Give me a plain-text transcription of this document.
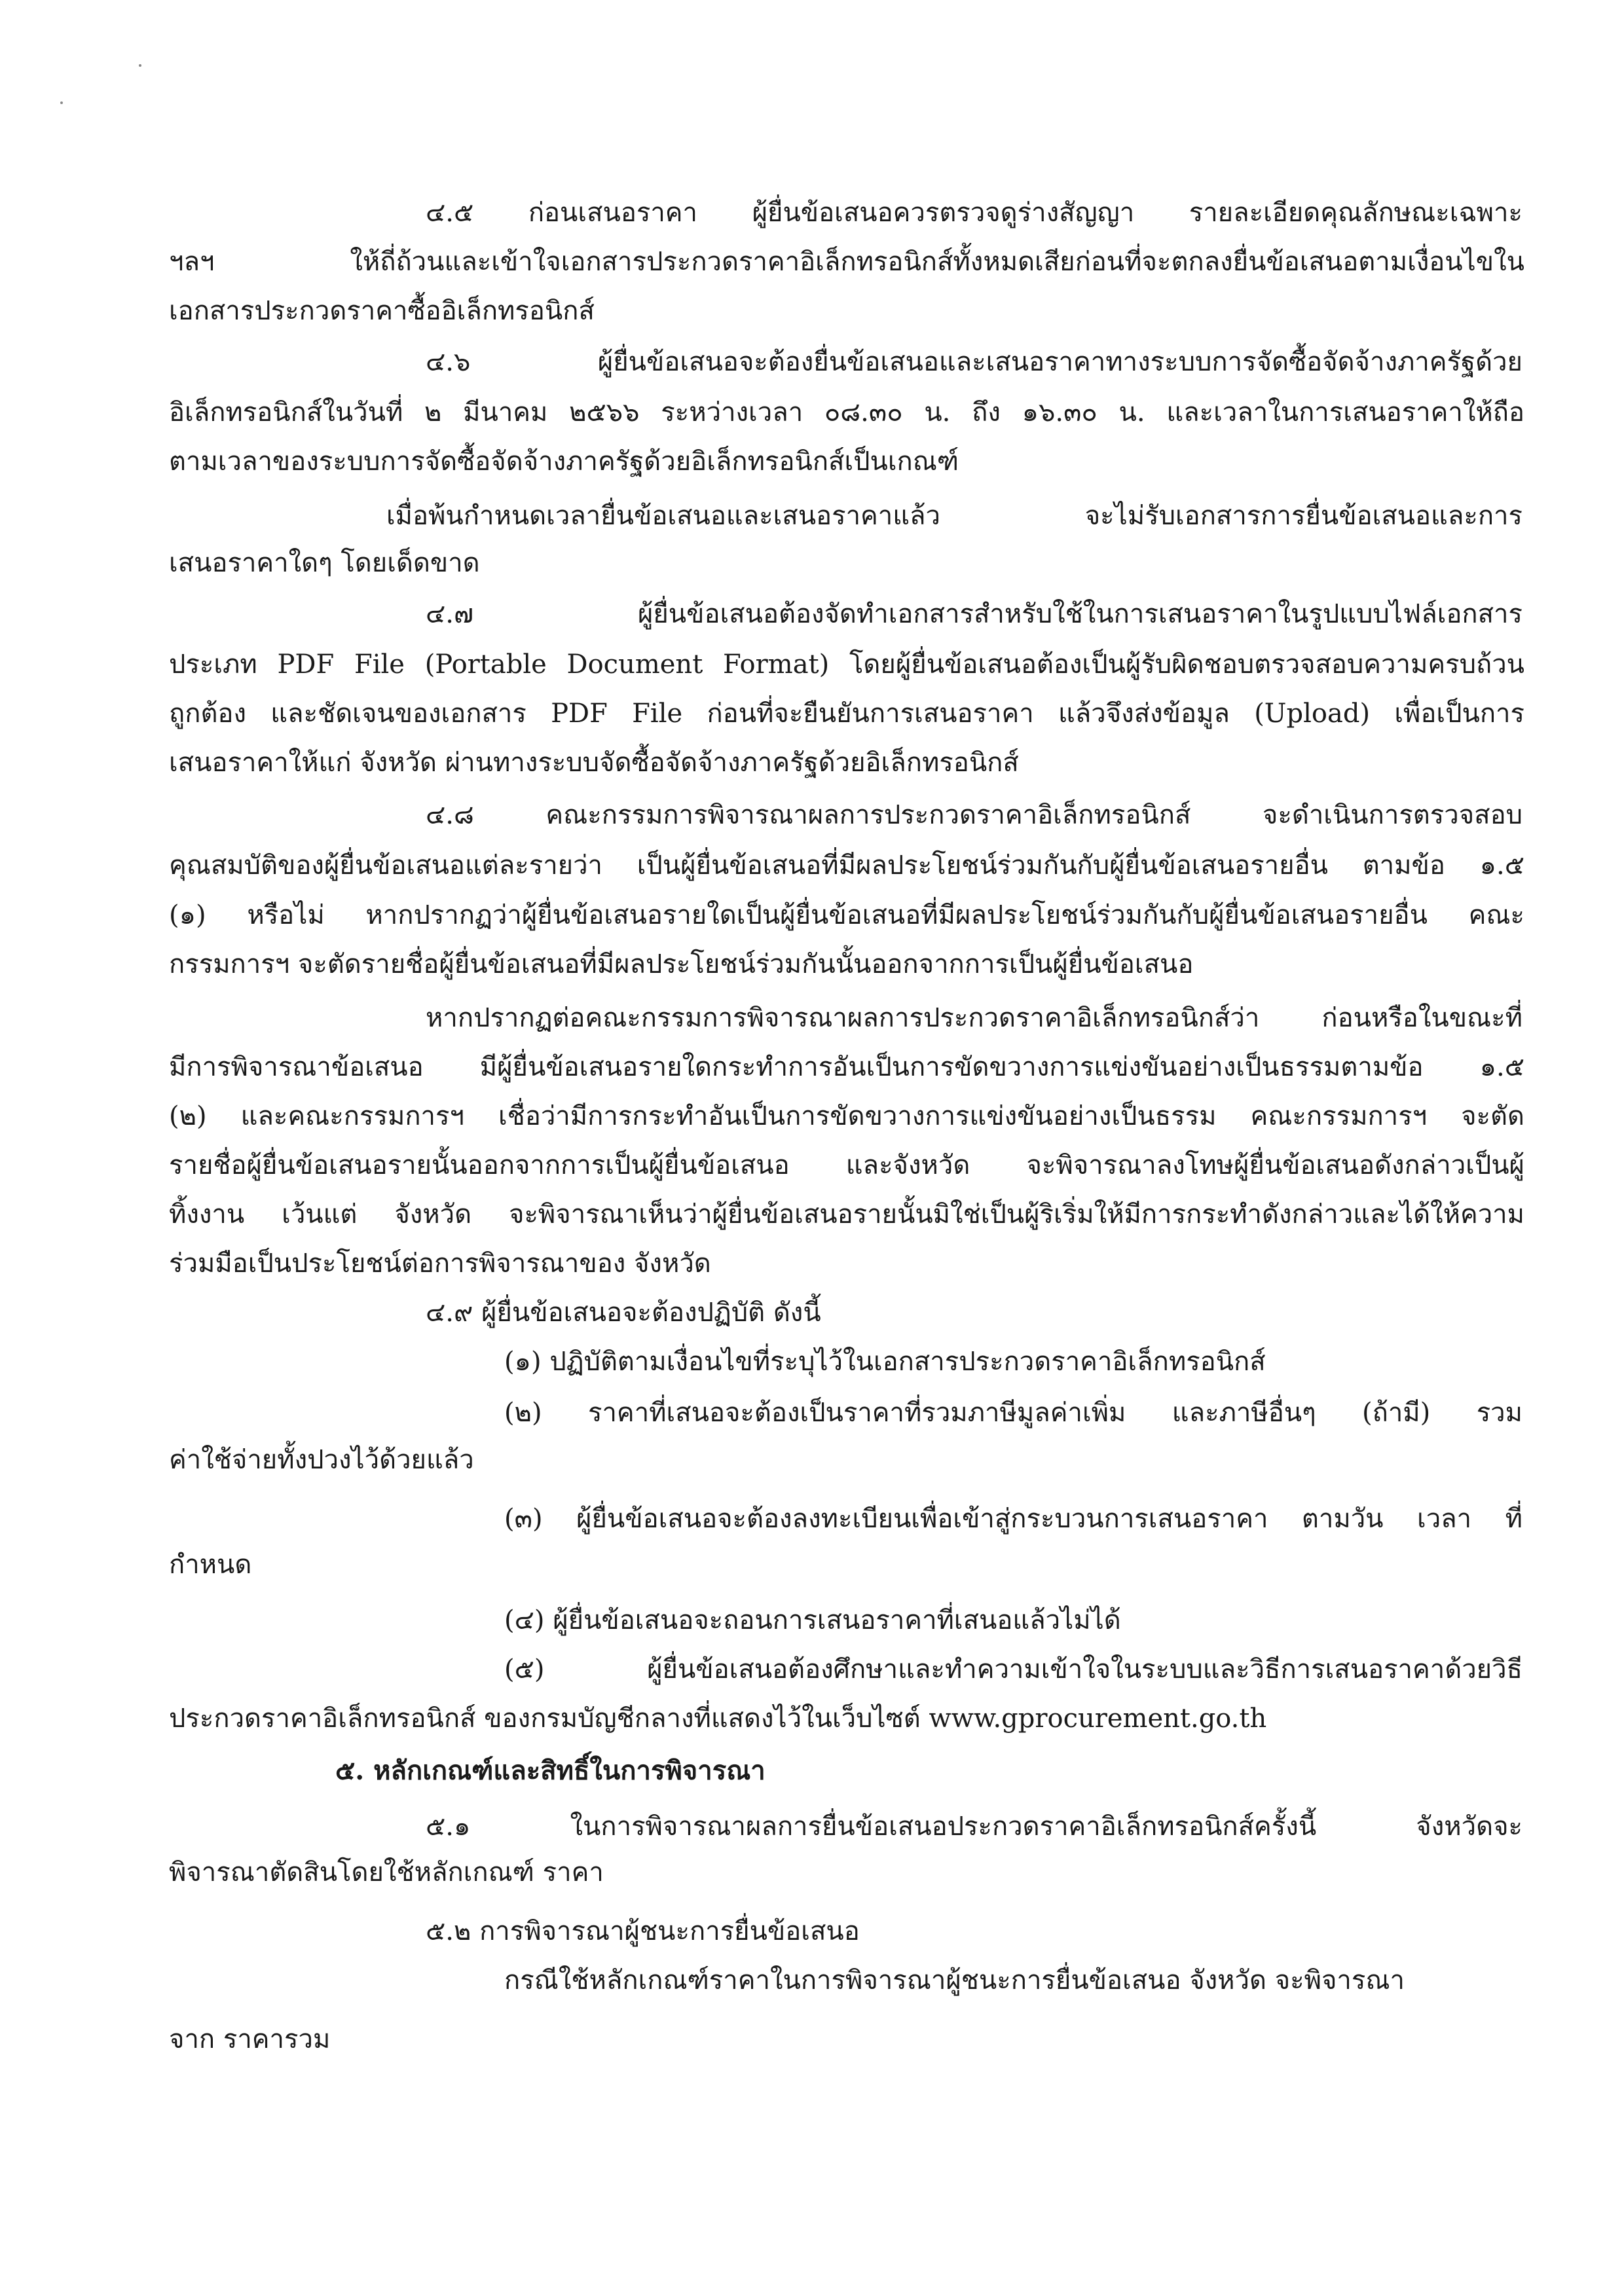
๔.๕ ก่อนเสนอราคา ผู้ยื่นข้อเสนอควรตรวจดูร่างสัญญา รายละเอียดคุณลักษณะเฉพาะ
ฯลฯ ให้ถี่ถ้วนและเข้าใจเอกสารประกวดราคาอิเล็กทรอนิกส์ทั้งหมดเสียก่อนที่จะตกลงยื่นข้อเสนอตามเงื่อนไขใน
เอกสารประกวดราคาซื้ออิเล็กทรอนิกส์
๔.๖ ผู้ยื่นข้อเสนอจะต้องยื่นข้อเสนอและเสนอราคาทางระบบการจัดซื้อจัดจ้างภาครัฐด้วย
อิเล็กทรอนิกส์ในวันที่ ๒ มีนาคม ๒๕๖๖ ระหว่างเวลา ๐๘.๓๐ น. ถึง ๑๖.๓๐ น. และเวลาในการเสนอราคาให้ถือ
ตามเวลาของระบบการจัดซื้อจัดจ้างภาครัฐด้วยอิเล็กทรอนิกส์เป็นเกณฑ์
เมื่อพ้นกำหนดเวลายื่นข้อเสนอและเสนอราคาแล้ว จะไม่รับเอกสารการยื่นข้อเสนอและการ
เสนอราคาใดๆ โดยเด็ดขาด
๔.๗ ผู้ยื่นข้อเสนอต้องจัดทำเอกสารสำหรับใช้ในการเสนอราคาในรูปแบบไฟล์เอกสาร
ประเภท PDF File (Portable Document Format) โดยผู้ยื่นข้อเสนอต้องเป็นผู้รับผิดชอบตรวจสอบความครบถ้วน
ถูกต้อง และชัดเจนของเอกสาร PDF File ก่อนที่จะยืนยันการเสนอราคา แล้วจึงส่งข้อมูล (Upload) เพื่อเป็นการ
เสนอราคาให้แก่ จังหวัด ผ่านทางระบบจัดซื้อจัดจ้างภาครัฐด้วยอิเล็กทรอนิกส์
๔.๘ คณะกรรมการพิจารณาผลการประกวดราคาอิเล็กทรอนิกส์ จะดำเนินการตรวจสอบ
คุณสมบัติของผู้ยื่นข้อเสนอแต่ละรายว่า เป็นผู้ยื่นข้อเสนอที่มีผลประโยชน์ร่วมกันกับผู้ยื่นข้อเสนอรายอื่น ตามข้อ ๑.๕
(๑) หรือไม่ หากปรากฏว่าผู้ยื่นข้อเสนอรายใดเป็นผู้ยื่นข้อเสนอที่มีผลประโยชน์ร่วมกันกับผู้ยื่นข้อเสนอรายอื่น คณะ
กรรมการฯ จะตัดรายชื่อผู้ยื่นข้อเสนอที่มีผลประโยชน์ร่วมกันนั้นออกจากการเป็นผู้ยื่นข้อเสนอ
หากปรากฏต่อคณะกรรมการพิจารณาผลการประกวดราคาอิเล็กทรอนิกส์ว่า ก่อนหรือในขณะที่
มีการพิจารณาข้อเสนอ มีผู้ยื่นข้อเสนอรายใดกระทำการอันเป็นการขัดขวางการแข่งขันอย่างเป็นธรรมตามข้อ ๑.๕
(๒) และคณะกรรมการฯ เชื่อว่ามีการกระทำอันเป็นการขัดขวางการแข่งขันอย่างเป็นธรรม คณะกรรมการฯ จะตัด
รายชื่อผู้ยื่นข้อเสนอรายนั้นออกจากการเป็นผู้ยื่นข้อเสนอ และจังหวัด จะพิจารณาลงโทษผู้ยื่นข้อเสนอดังกล่าวเป็นผู้
ทิ้งงาน เว้นแต่ จังหวัด จะพิจารณาเห็นว่าผู้ยื่นข้อเสนอรายนั้นมิใช่เป็นผู้ริเริ่มให้มีการกระทำดังกล่าวและได้ให้ความ
ร่วมมือเป็นประโยชน์ต่อการพิจารณาของ จังหวัด
๔.๙ ผู้ยื่นข้อเสนอจะต้องปฏิบัติ ดังนี้
(๑) ปฏิบัติตามเงื่อนไขที่ระบุไว้ในเอกสารประกวดราคาอิเล็กทรอนิกส์
(๒) ราคาที่เสนอจะต้องเป็นราคาที่รวมภาษีมูลค่าเพิ่ม และภาษีอื่นๆ (ถ้ามี) รวม
ค่าใช้จ่ายทั้งปวงไว้ด้วยแล้ว
(๓) ผู้ยื่นข้อเสนอจะต้องลงทะเบียนเพื่อเข้าสู่กระบวนการเสนอราคา ตามวัน เวลา ที่
กำหนด
(๔) ผู้ยื่นข้อเสนอจะถอนการเสนอราคาที่เสนอแล้วไม่ได้
(๕) ผู้ยื่นข้อเสนอต้องศึกษาและทำความเข้าใจในระบบและวิธีการเสนอราคาด้วยวิธี
ประกวดราคาอิเล็กทรอนิกส์ ของกรมบัญชีกลางที่แสดงไว้ในเว็บไซต์ www.gprocurement.go.th
๕. หลักเกณฑ์และสิทธิ์ในการพิจารณา
๕.๑ ในการพิจารณาผลการยื่นข้อเสนอประกวดราคาอิเล็กทรอนิกส์ครั้งนี้ จังหวัดจะ
พิจารณาตัดสินโดยใช้หลักเกณฑ์ ราคา
๕.๒ การพิจารณาผู้ชนะการยื่นข้อเสนอ
กรณีใช้หลักเกณฑ์ราคาในการพิจารณาผู้ชนะการยื่นข้อเสนอ จังหวัด จะพิจารณา
จาก ราคารวม
